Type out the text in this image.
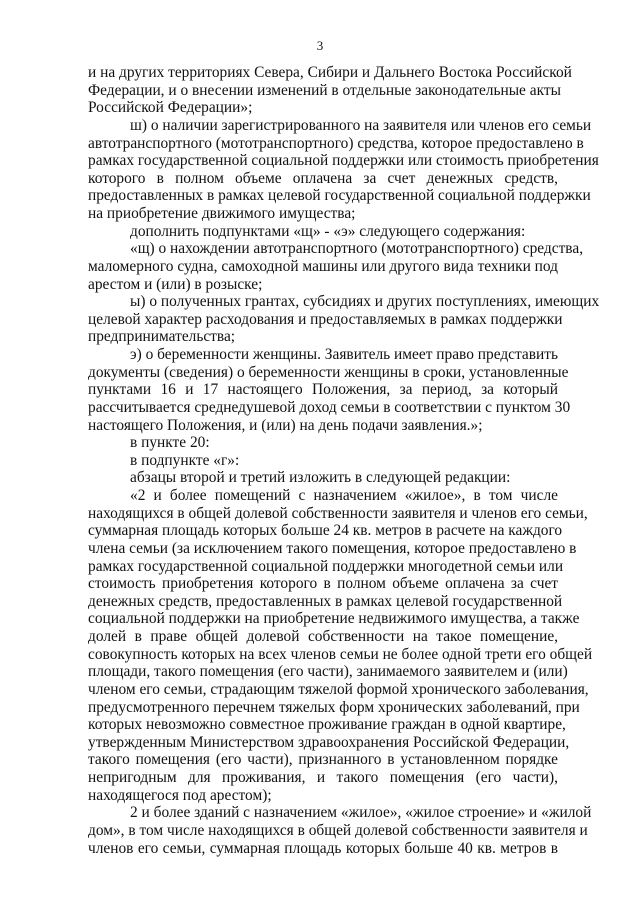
3
и на других территориях Севера, Сибири и Дальнего Востока Российской
Федерации, и о внесении изменений в отдельные законодательные акты
Российской Федерации»;
ш) о наличии зарегистрированного на заявителя или членов его семьи
автотранспортного (мототранспортного) средства, которое предоставлено в
рамках государственной социальной поддержки или стоимость приобретения
которого в полном объеме оплачена за счет денежных средств,
предоставленных в рамках целевой государственной социальной поддержки
на приобретение движимого имущества;
дополнить подпунктами «щ» - «э» следующего содержания:
«щ) о нахождении автотранспортного (мототранспортного) средства,
маломерного судна, самоходной машины или другого вида техники под
арестом и (или) в розыске;
ы) о полученных грантах, субсидиях и других поступлениях, имеющих
целевой характер расходования и предоставляемых в рамках поддержки
предпринимательства;
э) о беременности женщины. Заявитель имеет право представить
документы (сведения) о беременности женщины в сроки, установленные
пунктами 16 и 17 настоящего Положения, за период, за который
рассчитывается среднедушевой доход семьи в соответствии с пунктом 30
настоящего Положения, и (или) на день подачи заявления.»;
в пункте 20:
в подпункте «г»:
абзацы второй и третий изложить в следующей редакции:
«2 и более помещений с назначением «жилое», в том числе
находящихся в общей долевой собственности заявителя и членов его семьи,
суммарная площадь которых больше 24 кв. метров в расчете на каждого
члена семьи (за исключением такого помещения, которое предоставлено в
рамках государственной социальной поддержки многодетной семьи или
стоимость приобретения которого в полном объеме оплачена за счет
денежных средств, предоставленных в рамках целевой государственной
социальной поддержки на приобретение недвижимого имущества, а также
долей в праве общей долевой собственности на такое помещение,
совокупность которых на всех членов семьи не более одной трети его общей
площади, такого помещения (его части), занимаемого заявителем и (или)
членом его семьи, страдающим тяжелой формой хронического заболевания,
предусмотренного перечнем тяжелых форм хронических заболеваний, при
которых невозможно совместное проживание граждан в одной квартире,
утвержденным Министерством здравоохранения Российской Федерации,
такого помещения (его части), признанного в установленном порядке
непригодным для проживания, и такого помещения (его части),
находящегося под арестом);
2 и более зданий с назначением «жилое», «жилое строение» и «жилой
дом», в том числе находящихся в общей долевой собственности заявителя и
членов его семьи, суммарная площадь которых больше 40 кв. метров в
